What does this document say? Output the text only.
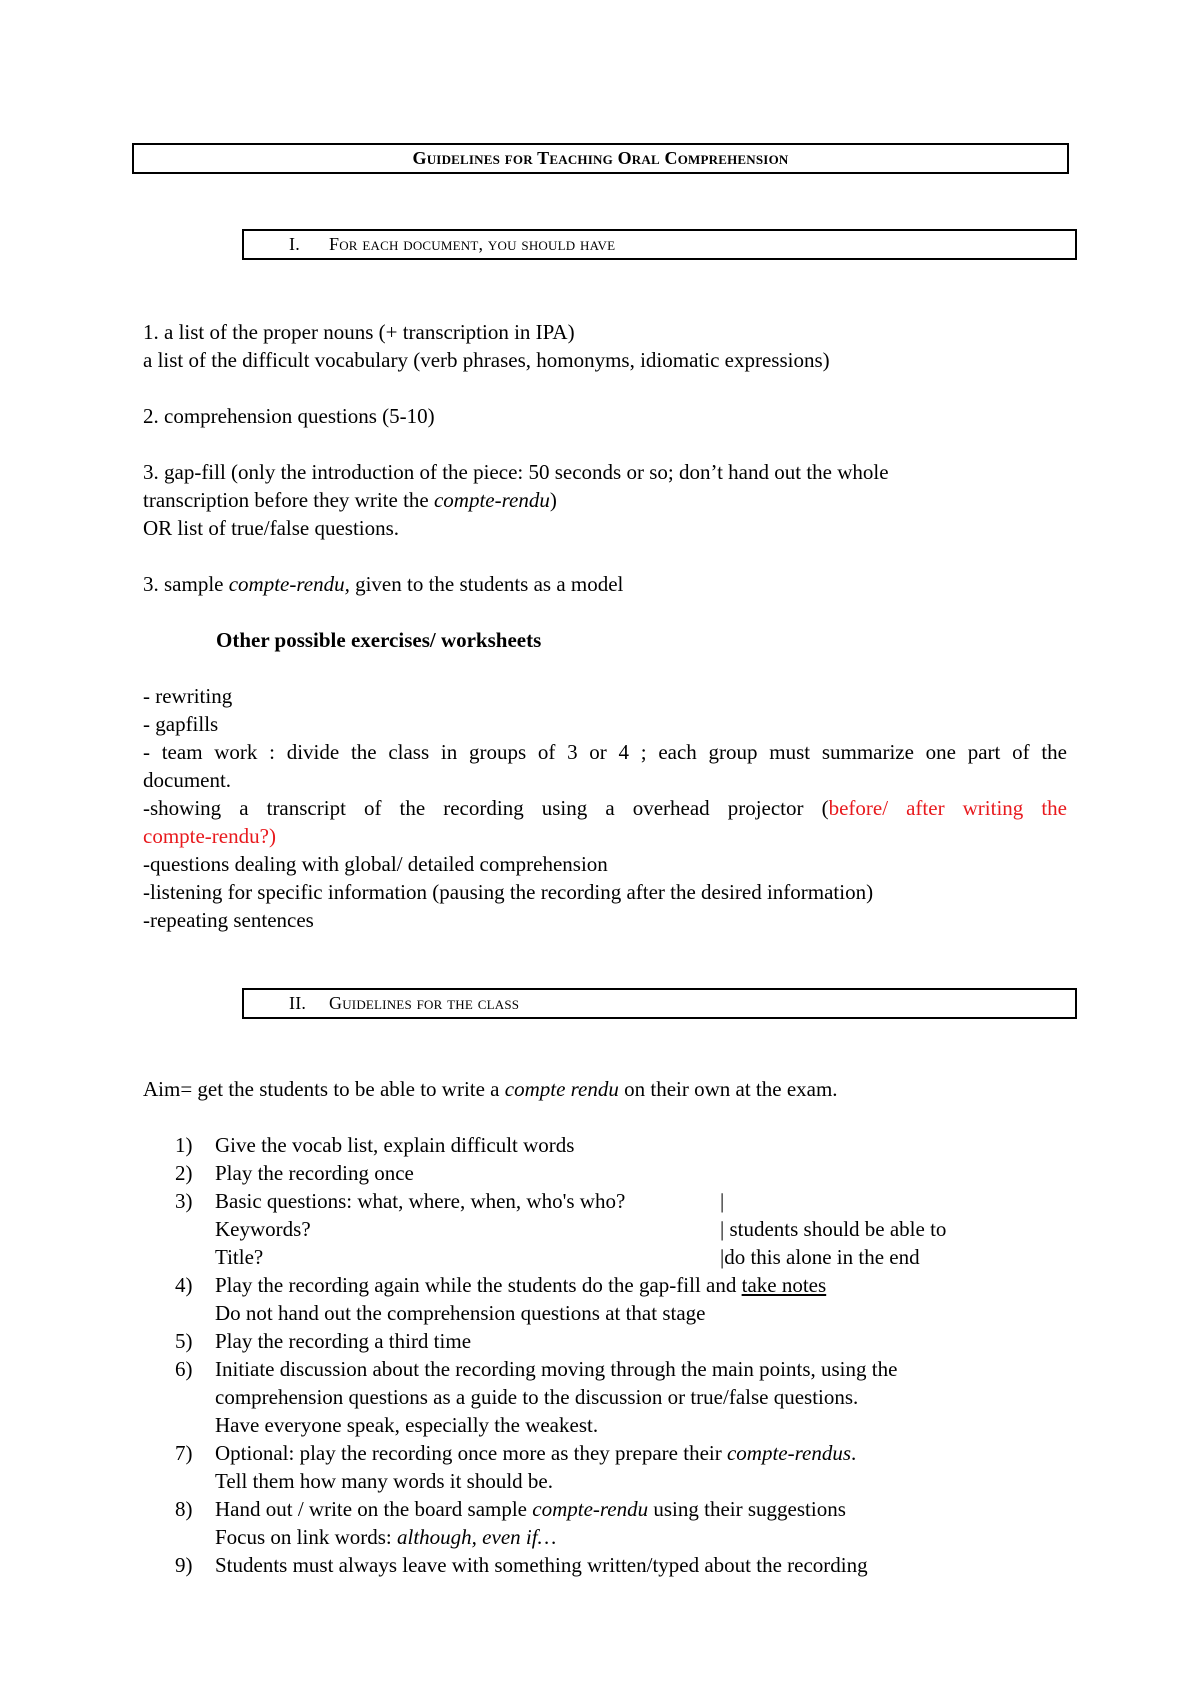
Guidelines for Teaching Oral Comprehension
I. For each document, you should have
1. a list of the proper nouns (+ transcription in IPA)
a list of the difficult vocabulary (verb phrases, homonyms, idiomatic expressions)
2. comprehension questions (5-10)
3. gap-fill (only the introduction of the piece: 50 seconds or so; don’t hand out the whole
transcription before they write the compte-rendu)
OR list of true/false questions.
3. sample compte-rendu, given to the students as a model
Other possible exercises/ worksheets
- rewriting
- gapfills
- team work : divide the class in groups of 3 or 4 ; each group must summarize one part of the
document.
-showing a transcript of the recording using a overhead projector (before/ after writing the
compte-rendu?)
-questions dealing with global/ detailed comprehension
-listening for specific information (pausing the recording after the desired information)
-repeating sentences
II. Guidelines for the class
Aim= get the students to be able to write a compte rendu on their own at the exam.
1) Give the vocab list, explain difficult words
2) Play the recording once
3) Basic questions: what, where, when, who's who?	|
Keywords?	| students should be able to
Title?	|do this alone in the end
4) Play the recording again while the students do the gap-fill and take notes
Do not hand out the comprehension questions at that stage
5) Play the recording a third time
6) Initiate discussion about the recording moving through the main points, using the
comprehension questions as a guide to the discussion or true/false questions.
Have everyone speak, especially the weakest.
7) Optional: play the recording once more as they prepare their compte-rendus.
Tell them how many words it should be.
8) Hand out / write on the board sample compte-rendu using their suggestions
Focus on link words: although, even if…
9) Students must always leave with something written/typed about the recording
